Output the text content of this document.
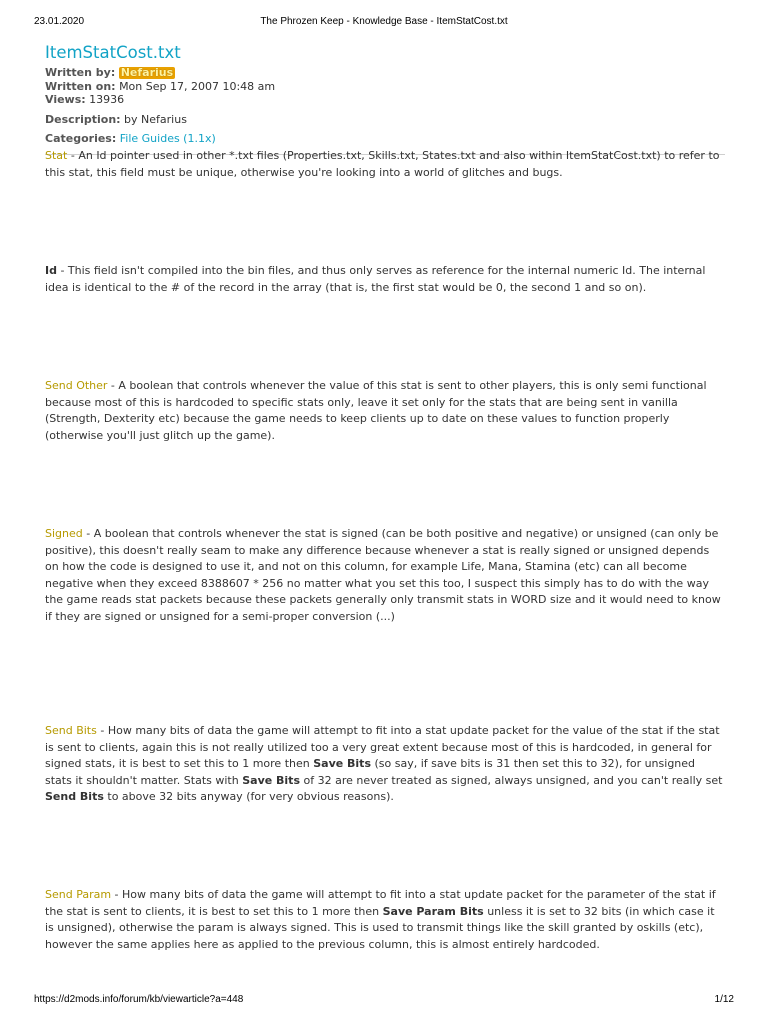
23.01.2020	The Phrozen Keep - Knowledge Base - ItemStatCost.txt
ItemStatCost.txt
Written by: Nefarius
Written on: Mon Sep 17, 2007 10:48 am
Views: 13936
Description: by Nefarius
Categories: File Guides (1.1x)

Stat - An Id pointer used in other *.txt files (Properties.txt, Skills.txt, States.txt and also within ItemStatCost.txt) to refer to this stat, this field must be unique, otherwise you're looking into a world of glitches and bugs.

Id - This field isn't compiled into the bin files, and thus only serves as reference for the internal numeric Id. The internal idea is identical to the # of the record in the array (that is, the first stat would be 0, the second 1 and so on).

Send Other - A boolean that controls whenever the value of this stat is sent to other players, this is only semi functional because most of this is hardcoded to specific stats only, leave it set only for the stats that are being sent in vanilla (Strength, Dexterity etc) because the game needs to keep clients up to date on these values to function properly (otherwise you'll just glitch up the game).

Signed - A boolean that controls whenever the stat is signed (can be both positive and negative) or unsigned (can only be positive), this doesn't really seam to make any difference because whenever a stat is really signed or unsigned depends on how the code is designed to use it, and not on this column, for example Life, Mana, Stamina (etc) can all become negative when they exceed 8388607 * 256 no matter what you set this too, I suspect this simply has to do with the way the game reads stat packets because these packets generally only transmit stats in WORD size and it would need to know if they are signed or unsigned for a semi-proper conversion (...)

Send Bits - How many bits of data the game will attempt to fit into a stat update packet for the value of the stat if the stat is sent to clients, again this is not really utilized too a very great extent because most of this is hardcoded, in general for signed stats, it is best to set this to 1 more then Save Bits (so say, if save bits is 31 then set this to 32), for unsigned stats it shouldn't matter. Stats with Save Bits of 32 are never treated as signed, always unsigned, and you can't really set Send Bits to above 32 bits anyway (for very obvious reasons).

Send Param - How many bits of data the game will attempt to fit into a stat update packet for the parameter of the stat if the stat is sent to clients, it is best to set this to 1 more then Save Param Bits unless it is set to 32 bits (in which case it is unsigned), otherwise the param is always signed. This is used to transmit things like the skill granted by oskills (etc), however the same applies here as applied to the previous column, this is almost entirely hardcoded.

https://d2mods.info/forum/kb/viewarticle?a=448	1/12
